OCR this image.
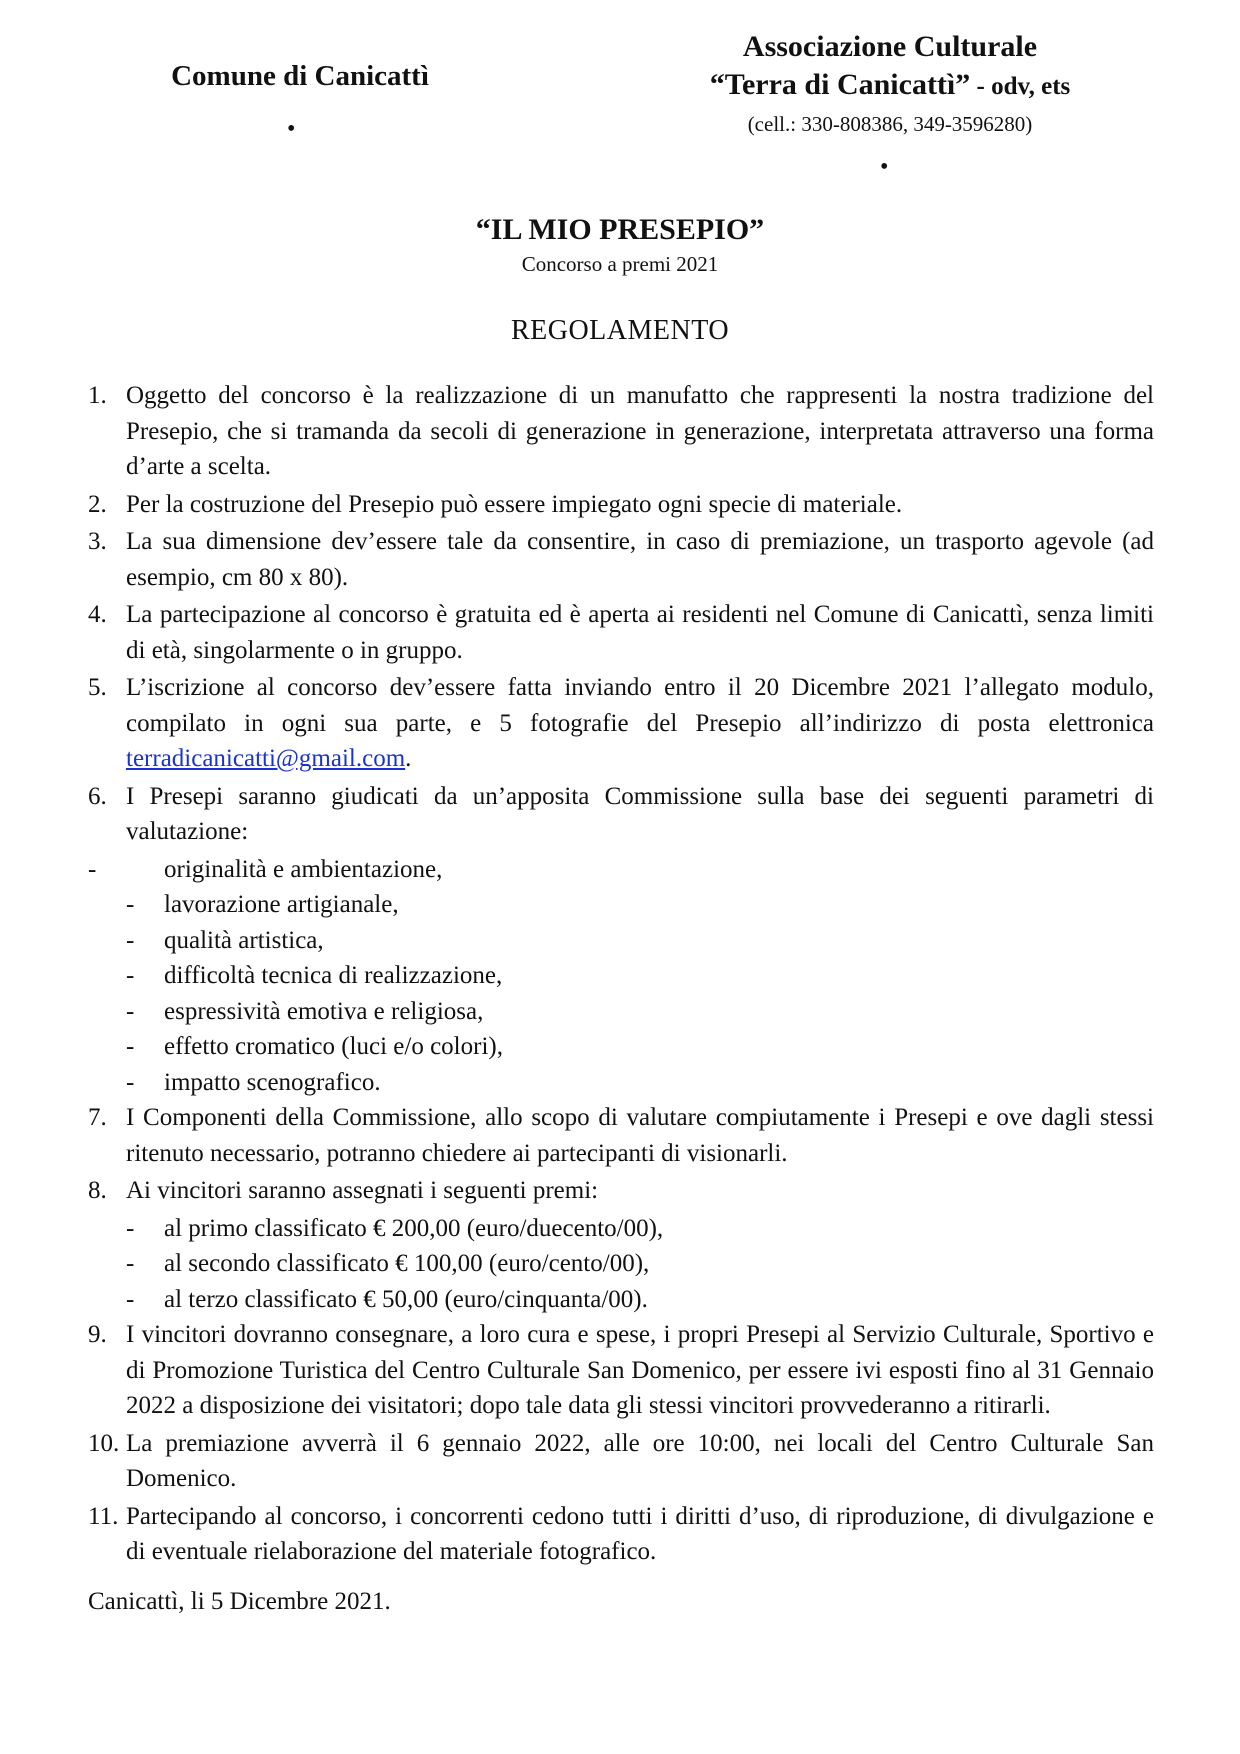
Comune di Canicattì
•
Associazione Culturale
“Terra di Canicattì” - odv, ets
(cell.: 330-808386, 349-3596280)
•
“IL MIO PRESEPIO”
Concorso a premi 2021
REGOLAMENTO
1. Oggetto del concorso è la realizzazione di un manufatto che rappresenti la nostra tradizione del Presepio, che si tramanda da secoli di generazione in generazione, interpretata attraverso una forma d’arte a scelta.
2. Per la costruzione del Presepio può essere impiegato ogni specie di materiale.
3. La sua dimensione dev’essere tale da consentire, in caso di premiazione, un trasporto agevole (ad esempio, cm 80 x 80).
4. La partecipazione al concorso è gratuita ed è aperta ai residenti nel Comune di Canicattì, senza limiti di età, singolarmente o in gruppo.
5. L’iscrizione al concorso dev’essere fatta inviando entro il 20 Dicembre 2021 l’allegato modulo, compilato in ogni sua parte, e 5 fotografie del Presepio all’indirizzo di posta elettronica terradicanicatti@gmail.com.
6. I Presepi saranno giudicati da un’apposita Commissione sulla base dei seguenti parametri di valutazione:
-	originalità e ambientazione,
-	lavorazione artigianale,
-	qualità artistica,
-	difficoltà tecnica di realizzazione,
-	espressività emotiva e religiosa,
-	effetto cromatico (luci e/o colori),
-	impatto scenografico.
7. I Componenti della Commissione, allo scopo di valutare compiutamente i Presepi e ove dagli stessi ritenuto necessario, potranno chiedere ai partecipanti di visionarli.
8. Ai vincitori saranno assegnati i seguenti premi:
-	al primo classificato € 200,00 (euro/duecento/00),
-	al secondo classificato € 100,00 (euro/cento/00),
-	al terzo classificato € 50,00 (euro/cinquanta/00).
9. I vincitori dovranno consegnare, a loro cura e spese, i propri Presepi al Servizio Culturale, Sportivo e di Promozione Turistica del Centro Culturale San Domenico, per essere ivi esposti fino al 31 Gennaio 2022 a disposizione dei visitatori; dopo tale data gli stessi vincitori provvederanno a ritirarli.
10. La premiazione avverrà il 6 gennaio 2022, alle ore 10:00, nei locali del Centro Culturale San Domenico.
11. Partecipando al concorso, i concorrenti cedono tutti i diritti d’uso, di riproduzione, di divulgazione e di eventuale rielaborazione del materiale fotografico.
Canicattì, li 5 Dicembre 2021.
